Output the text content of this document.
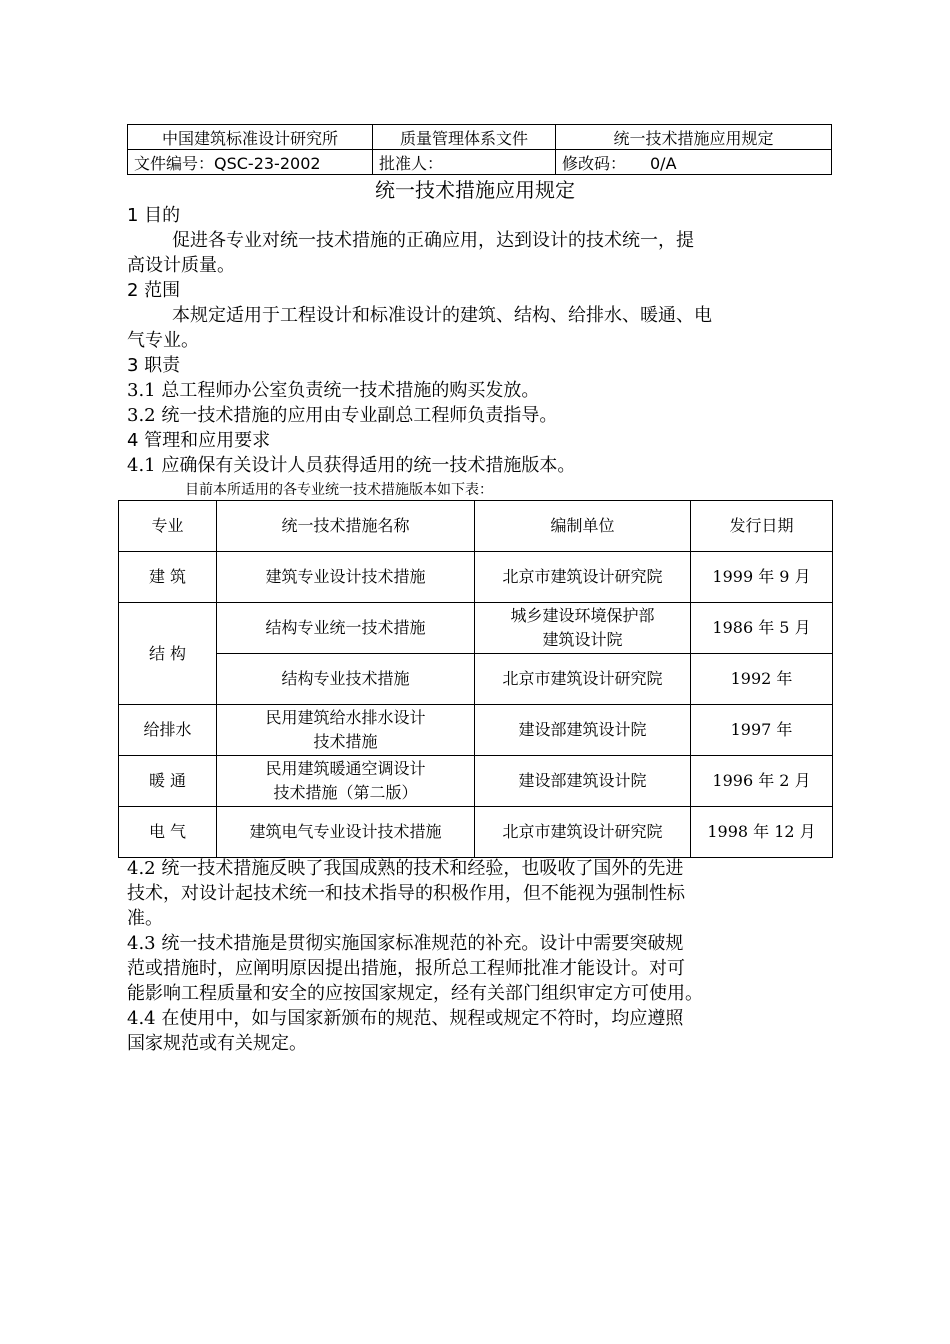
中国建筑标准设计研究所	质量管理体系文件	统一技术措施应用规定
文件编号：QSC-23-2002	批准人：	修改码：　　0/A
统一技术措施应用规定
1 目的
促进各专业对统一技术措施的正确应用，达到设计的技术统一，提
高设计质量。
2 范围
本规定适用于工程设计和标准设计的建筑、结构、给排水、暖通、电
气专业。
3 职责
3.1 总工程师办公室负责统一技术措施的购买发放。
3.2 统一技术措施的应用由专业副总工程师负责指导。
4 管理和应用要求
4.1 应确保有关设计人员获得适用的统一技术措施版本。
目前本所适用的各专业统一技术措施版本如下表：
专业	统一技术措施名称	编制单位	发行日期
建 筑	建筑专业设计技术措施	北京市建筑设计研究院	1999 年 9 月
结 构	结构专业统一技术措施	城乡建设环境保护部
建筑设计院	1986 年 5 月
	结构专业技术措施	北京市建筑设计研究院	1992 年
给排水	民用建筑给水排水设计
技术措施	建设部建筑设计院	1997 年
暖 通	民用建筑暖通空调设计
技术措施（第二版）	建设部建筑设计院	1996 年 2 月
电 气	建筑电气专业设计技术措施	北京市建筑设计研究院	1998 年 12 月
4.2 统一技术措施反映了我国成熟的技术和经验，也吸收了国外的先进
技术，对设计起技术统一和技术指导的积极作用，但不能视为强制性标
准。
4.3 统一技术措施是贯彻实施国家标准规范的补充。设计中需要突破规
范或措施时，应阐明原因提出措施，报所总工程师批准才能设计。对可
能影响工程质量和安全的应按国家规定，经有关部门组织审定方可使用。
4.4 在使用中，如与国家新颁布的规范、规程或规定不符时，均应遵照
国家规范或有关规定。
